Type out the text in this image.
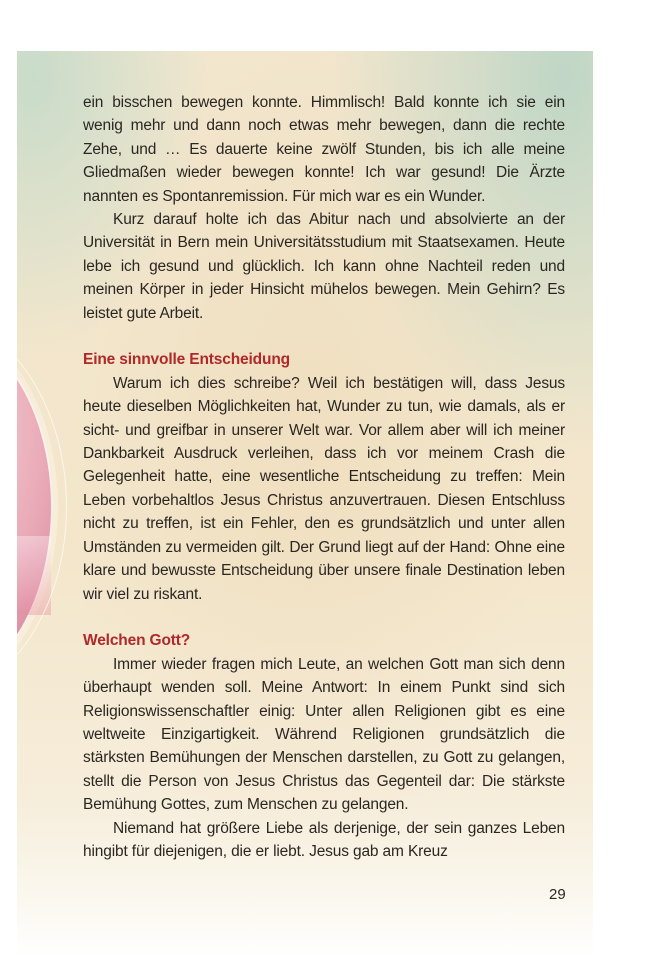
ein bisschen bewegen konnte. Himmlisch! Bald konnte ich sie ein wenig mehr und dann noch etwas mehr bewegen, dann die rechte Zehe, und … Es dauerte keine zwölf Stunden, bis ich alle meine Gliedmaßen wieder bewegen konnte! Ich war gesund! Die Ärzte nannten es Spontanremission. Für mich war es ein Wunder.

Kurz darauf holte ich das Abitur nach und absolvierte an der Universität in Bern mein Universitätsstudium mit Staatsexamen. Heute lebe ich gesund und glücklich. Ich kann ohne Nachteil reden und meinen Körper in jeder Hinsicht mühelos bewegen. Mein Gehirn? Es leistet gute Arbeit.

Eine sinnvolle Entscheidung

Warum ich dies schreibe? Weil ich bestätigen will, dass Jesus heute dieselben Möglichkeiten hat, Wunder zu tun, wie damals, als er sicht- und greifbar in unserer Welt war. Vor allem aber will ich meiner Dankbarkeit Ausdruck verleihen, dass ich vor meinem Crash die Gelegenheit hatte, eine wesentliche Entscheidung zu treffen: Mein Leben vorbehaltlos Jesus Christus anzuvertrauen. Diesen Entschluss nicht zu treffen, ist ein Fehler, den es grundsätzlich und unter allen Umständen zu vermeiden gilt. Der Grund liegt auf der Hand: Ohne eine klare und bewusste Entscheidung über unsere finale Destination leben wir viel zu riskant.

Welchen Gott?

Immer wieder fragen mich Leute, an welchen Gott man sich denn überhaupt wenden soll. Meine Antwort: In einem Punkt sind sich Religionswissenschaftler einig: Unter allen Religionen gibt es eine weltweite Einzigartigkeit. Während Religionen grundsätzlich die stärksten Bemühungen der Menschen darstellen, zu Gott zu gelangen, stellt die Person von Jesus Christus das Gegenteil dar: Die stärkste Bemühung Gottes, zum Menschen zu gelangen.

Niemand hat größere Liebe als derjenige, der sein ganzes Leben hingibt für diejenigen, die er liebt. Jesus gab am Kreuz

29
